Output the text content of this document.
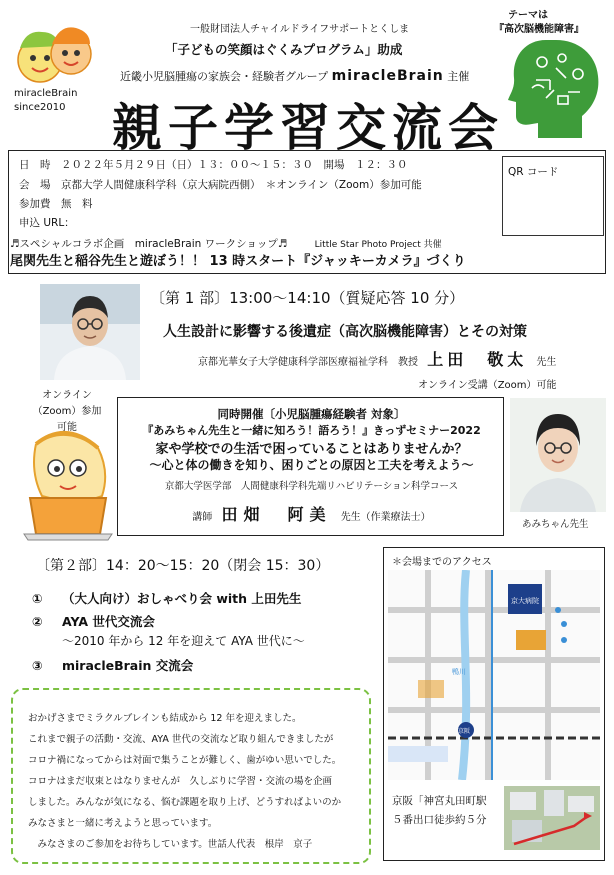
一般財団法人チャイルドライフサポートとくしま
「子どもの笑顔はぐくみプログラム」助成
近畿小児脳腫瘍の家族会・経験者グループ miracleBrain 主催
テーマは
『高次脳機能障害』
miracleBrain
since2010 親子学習交流会
日　時　２０２２年５月２９日（日）１３：００～１５：３０　開場　１２：３０
会　場　京都大学人間健康科学科（京大病院西側）　＊オンライン（Zoom）参加可能
参加費　無　料
申込 URL：
QR コード
♬スペシャルコラボ企画　miracleBrain ワークショップ♬	Little Star Photo Project 共催
尾関先生と稲谷先生と遊ぼう！！ 13 時スタート『ジャッキーカメラ』づくり
〔第 1 部〕13:00～14:10（質疑応答 10 分）
人生設計に影響する後遺症（高次脳機能障害）とその対策
京都光華女子大学健康科学部医療福祉学科　教授 上田　敬太 先生
オンライン受講（Zoom）可能
オンライン
（Zoom）参加可能
同時開催〔小児脳腫瘍経験者 対象〕
『あみちゃん先生と一緒に知ろう！語ろう！』きっずセミナー2022
家や学校での生活で困っていることはありませんか？
～心と体の働きを知り、困りごとの原因と工夫を考えよう～
京都大学医学部　人間健康科学科先端リハビリテーション科学コース
講師 田畑　阿美 先生（作業療法士）
あみちゃん先生
〔第２部〕14：20～15：20（閉会 15：30）
① （大人向け）おしゃべり会 with 上田先生
② AYA 世代交流会
～2010 年から 12 年を迎えて AYA 世代に～
③ miracleBrain 交流会
おかげさまでミラクルブレインも結成から 12 年を迎えました。
これまで親子の活動・交流、AYA 世代の交流など取り組んできましたが
コロナ禍になってからは対面で集うことが難しく、歯がゆい思いでした。
コロナはまだ収束とはなりませんが　久しぶりに学習・交流の場を企画
しました。みんなが気になる、悩む課題を取り上げ、どうすればよいのか
みなさまと一緒に考えようと思っています。
　みなさまのご参加をお待ちしています。世話人代表　根岸　京子
＊会場までのアクセス
鴨川
京大病院
京阪
京阪「神宮丸田町駅
５番出口徒歩約５分
